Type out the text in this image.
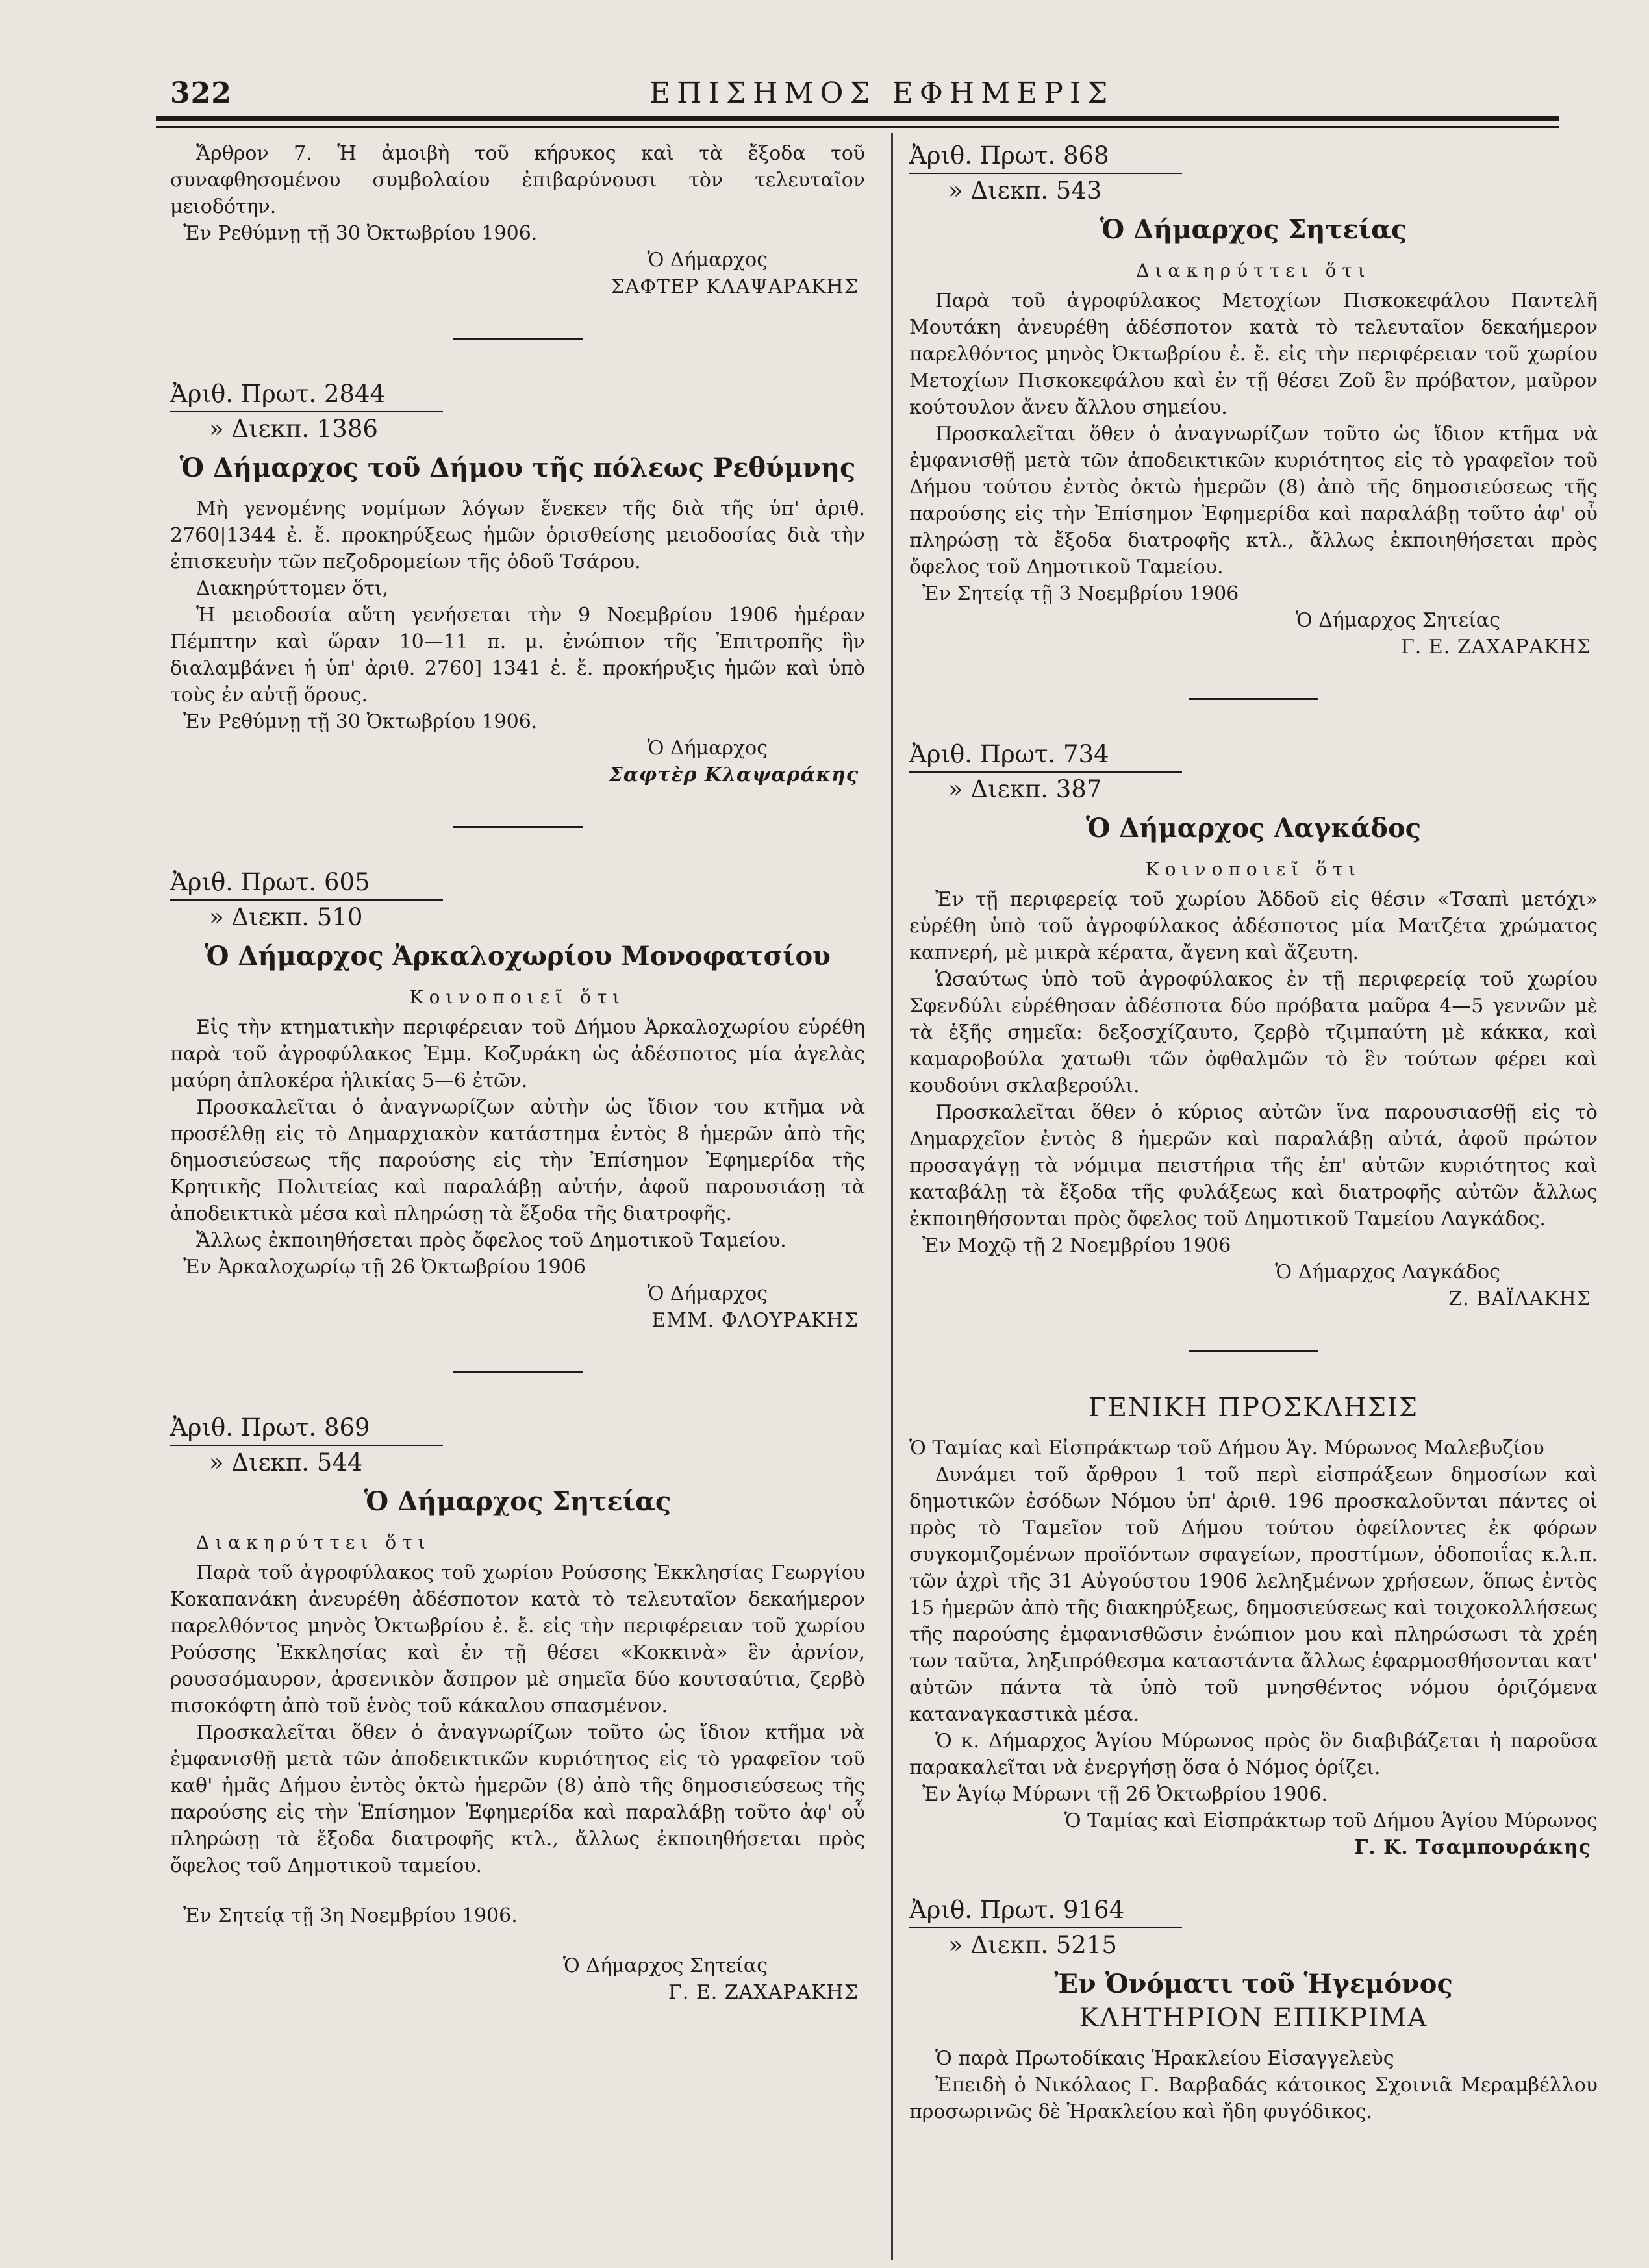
322	ΕΠΙΣΗΜΟΣ ΕΦΗΜΕΡΙΣ

Ἄρθρον 7. Ἡ ἀμοιβὴ τοῦ κήρυκος καὶ τὰ ἔξοδα τοῦ συναφθησομένου συμβολαίου ἐπιβαρύνουσι τὸν τελευταῖον μειοδότην.

Ἐν Ρεθύμνῃ τῇ 30 Ὀκτωβρίου 1906.

Ὁ Δήμαρχος

ΣΑΦΤΕΡ ΚΛΑΨΑΡΑΚΗΣ

Ἀριθ. Πρωτ. 2844

» Διεκπ. 1386

Ὁ Δήμαρχος τοῦ Δήμου τῆς πόλεως Ρεθύμνης

Μὴ γενομένης νομίμων λόγων ἕνεκεν τῆς διὰ τῆς ὑπ' ἀριθ. 2760|1344 ἐ. ἔ. προκηρύξεως ἡμῶν ὁρισθείσης μειοδοσίας διὰ τὴν ἐπισκευὴν τῶν πεζοδρομείων τῆς ὁδοῦ Τσάρου.

Διακηρύττομεν ὅτι,

Ἡ μειοδοσία αὕτη γενήσεται τὴν 9 Νοεμβρίου 1906 ἡμέραν Πέμπτην καὶ ὥραν 10—11 π. μ. ἐνώπιον τῆς Ἐπιτροπῆς ἣν διαλαμβάνει ἡ ὑπ' ἀριθ. 2760] 1341 ἐ. ἔ. προκήρυξις ἡμῶν καὶ ὑπὸ τοὺς ἐν αὐτῇ ὅρους.

Ἐν Ρεθύμνῃ τῇ 30 Ὀκτωβρίου 1906.

Ὁ Δήμαρχος

Σαφτὲρ Κλαψαράκης

Ἀριθ. Πρωτ. 605

» Διεκπ. 510

Ὁ Δήμαρχος Ἀρκαλοχωρίου Μονοφατσίου

Κοινοποιεῖ ὅτι

Εἰς τὴν κτηματικὴν περιφέρειαν τοῦ Δήμου Ἀρκαλοχωρίου εὑρέθη παρὰ τοῦ ἀγροφύλακος Ἐμμ. Κοζυράκη ὡς ἀδέσποτος μία ἀγελὰς μαύρη ἀπλοκέρα ἡλικίας 5—6 ἐτῶν.

Προσκαλεῖται ὁ ἀναγνωρίζων αὐτὴν ὡς ἴδιον του κτῆμα νὰ προσέλθῃ εἰς τὸ Δημαρχιακὸν κατάστημα ἐντὸς 8 ἡμερῶν ἀπὸ τῆς δημοσιεύσεως τῆς παρούσης εἰς τὴν Ἐπίσημον Ἐφημερίδα τῆς Κρητικῆς Πολιτείας καὶ παραλάβῃ αὐτήν, ἀφοῦ παρουσιάσῃ τὰ ἀποδεικτικὰ μέσα καὶ πληρώσῃ τὰ ἔξοδα τῆς διατροφῆς.

Ἄλλως ἐκποιηθήσεται πρὸς ὄφελος τοῦ Δημοτικοῦ Ταμείου.

Ἐν Ἀρκαλοχωρίῳ τῇ 26 Ὀκτωβρίου 1906

Ὁ Δήμαρχος

ΕΜΜ. ΦΛΟΥΡΑΚΗΣ

Ἀριθ. Πρωτ. 869

» Διεκπ. 544

Ὁ Δήμαρχος Σητείας

Διακηρύττει ὅτι

Παρὰ τοῦ ἀγροφύλακος τοῦ χωρίου Ρούσσης Ἐκκλησίας Γεωργίου Κοκαπανάκη ἀνευρέθη ἀδέσποτον κατὰ τὸ τελευταῖον δεκαήμερον παρελθόντος μηνὸς Ὀκτωβρίου ἐ. ἔ. εἰς τὴν περιφέρειαν τοῦ χωρίου Ρούσσης Ἐκκλησίας καὶ ἐν τῇ θέσει «Κοκκινὰ» ἓν ἀρνίον, ρουσσόμαυρον, ἀρσενικὸν ἄσπρον μὲ σημεῖα δύο κουτσαύτια, ζερβὸ πισοκόφτη ἀπὸ τοῦ ἑνὸς τοῦ κάκαλου σπασμένον.

Προσκαλεῖται ὅθεν ὁ ἀναγνωρίζων τοῦτο ὡς ἴδιον κτῆμα νὰ ἐμφανισθῇ μετὰ τῶν ἀποδεικτικῶν κυριότητος εἰς τὸ γραφεῖον τοῦ καθ' ἡμᾶς Δήμου ἐντὸς ὀκτὼ ἡμερῶν (8) ἀπὸ τῆς δημοσιεύσεως τῆς παρούσης εἰς τὴν Ἐπίσημον Ἐφημερίδα καὶ παραλάβῃ τοῦτο ἀφ' οὗ πληρώσῃ τὰ ἔξοδα διατροφῆς κτλ., ἄλλως ἐκποιηθήσεται πρὸς ὄφελος τοῦ Δημοτικοῦ ταμείου.

Ἐν Σητείᾳ τῇ 3η Νοεμβρίου 1906.

Ὁ Δήμαρχος Σητείας

Γ. Ε. ΖΑΧΑΡΑΚΗΣ

Ἀριθ. Πρωτ. 868

» Διεκπ. 543

Ὁ Δήμαρχος Σητείας

Διακηρύττει ὅτι

Παρὰ τοῦ ἀγροφύλακος Μετοχίων Πισκοκεφάλου Παντελῆ Μουτάκη ἀνευρέθη ἀδέσποτον κατὰ τὸ τελευταῖον δεκαήμερον παρελθόντος μηνὸς Ὀκτωβρίου ἐ. ἔ. εἰς τὴν περιφέρειαν τοῦ χωρίου Μετοχίων Πισκοκεφάλου καὶ ἐν τῇ θέσει Ζοῦ ἓν πρόβατον, μαῦρον κούτουλον ἄνευ ἄλλου σημείου.

Προσκαλεῖται ὅθεν ὁ ἀναγνωρίζων τοῦτο ὡς ἴδιον κτῆμα νὰ ἐμφανισθῇ μετὰ τῶν ἀποδεικτικῶν κυριότητος εἰς τὸ γραφεῖον τοῦ Δήμου τούτου ἐντὸς ὀκτὼ ἡμερῶν (8) ἀπὸ τῆς δημοσιεύσεως τῆς παρούσης εἰς τὴν Ἐπίσημον Ἐφημερίδα καὶ παραλάβῃ τοῦτο ἀφ' οὗ πληρώσῃ τὰ ἔξοδα διατροφῆς κτλ., ἄλλως ἐκποιηθήσεται πρὸς ὄφελος τοῦ Δημοτικοῦ Ταμείου.

Ἐν Σητείᾳ τῇ 3 Νοεμβρίου 1906

Ὁ Δήμαρχος Σητείας

Γ. Ε. ΖΑΧΑΡΑΚΗΣ

Ἀριθ. Πρωτ. 734

» Διεκπ. 387

Ὁ Δήμαρχος Λαγκάδος

Κοινοποιεῖ ὅτι

Ἐν τῇ περιφερείᾳ τοῦ χωρίου Ἀδδοῦ εἰς θέσιν «Τσαπὶ μετόχι» εὑρέθη ὑπὸ τοῦ ἀγροφύλακος ἀδέσποτος μία Ματζέτα χρώματος καπνερή, μὲ μικρὰ κέρατα, ἄγενη καὶ ἄζευτη.

Ὡσαύτως ὑπὸ τοῦ ἀγροφύλακος ἐν τῇ περιφερείᾳ τοῦ χωρίου Σφενδύλι εὑρέθησαν ἀδέσποτα δύο πρόβατα μαῦρα 4—5 γεννῶν μὲ τὰ ἑξῆς σημεῖα: δεξοσχίζαυτο, ζερβὸ τζιμπαύτη μὲ κάκκα, καὶ καμαροβούλα χατωθι τῶν ὀφθαλμῶν τὸ ἓν τούτων φέρει καὶ κουδούνι σκλαβερούλι.

Προσκαλεῖται ὅθεν ὁ κύριος αὐτῶν ἵνα παρουσιασθῇ εἰς τὸ Δημαρχεῖον ἐντὸς 8 ἡμερῶν καὶ παραλάβῃ αὐτά, ἀφοῦ πρώτον προσαγάγῃ τὰ νόμιμα πειστήρια τῆς ἐπ' αὐτῶν κυριότητος καὶ καταβάλῃ τὰ ἔξοδα τῆς φυλάξεως καὶ διατροφῆς αὐτῶν ἄλλως ἐκποιηθήσονται πρὸς ὄφελος τοῦ Δημοτικοῦ Ταμείου Λαγκάδος.

Ἐν Μοχῷ τῇ 2 Νοεμβρίου 1906

Ὁ Δήμαρχος Λαγκάδος

Ζ. ΒΑΪΛΑΚΗΣ

ΓΕΝΙΚΗ ΠΡΟΣΚΛΗΣΙΣ

Ὁ Ταμίας καὶ Εἰσπράκτωρ τοῦ Δήμου Ἁγ. Μύρωνος Μαλεβυζίου

Δυνάμει τοῦ ἄρθρου 1 τοῦ περὶ εἰσπράξεων δημοσίων καὶ δημοτικῶν ἐσόδων Νόμου ὑπ' ἀριθ. 196 προσκαλοῦνται πάντες οἱ πρὸς τὸ Ταμεῖον τοῦ Δήμου τούτου ὀφείλοντες ἐκ φόρων συγκομιζομένων προϊόντων σφαγείων, προστίμων, ὁδοποιΐας κ.λ.π. τῶν ἀχρὶ τῆς 31 Αὐγούστου 1906 λεληξμένων χρήσεων, ὅπως ἐντὸς 15 ἡμερῶν ἀπὸ τῆς διακηρύξεως, δημοσιεύσεως καὶ τοιχοκολλήσεως τῆς παρούσης ἐμφανισθῶσιν ἐνώπιον μου καὶ πληρώσωσι τὰ χρέη των ταῦτα, ληξιπρόθεσμα καταστάντα ἄλλως ἐφαρμοσθήσονται κατ' αὐτῶν πάντα τὰ ὑπὸ τοῦ μνησθέντος νόμου ὁριζόμενα καταναγκαστικὰ μέσα.

Ὁ κ. Δήμαρχος Ἁγίου Μύρωνος πρὸς ὃν διαβιβάζεται ἡ παροῦσα παρακαλεῖται νὰ ἐνεργήσῃ ὅσα ὁ Νόμος ὁρίζει.

Ἐν Ἁγίῳ Μύρωνι τῇ 26 Ὀκτωβρίου 1906.

Ὁ Ταμίας καὶ Εἰσπράκτωρ τοῦ Δήμου Ἁγίου Μύρωνος

Γ. Κ. Τσαμπουράκης

Ἀριθ. Πρωτ. 9164

» Διεκπ. 5215

Ἐν Ὀνόματι τοῦ Ἡγεμόνος

ΚΛΗΤΗΡΙΟΝ ΕΠΙΚΡΙΜΑ

Ὁ παρὰ Πρωτοδίκαις Ἡρακλείου Εἰσαγγελεὺς

Ἐπειδὴ ὁ Νικόλαος Γ. Βαρβαδάς κάτοικος Σχοινιᾶ Μεραμβέλλου προσωρινῶς δὲ Ἡρακλείου καὶ ἤδη φυγόδικος.
